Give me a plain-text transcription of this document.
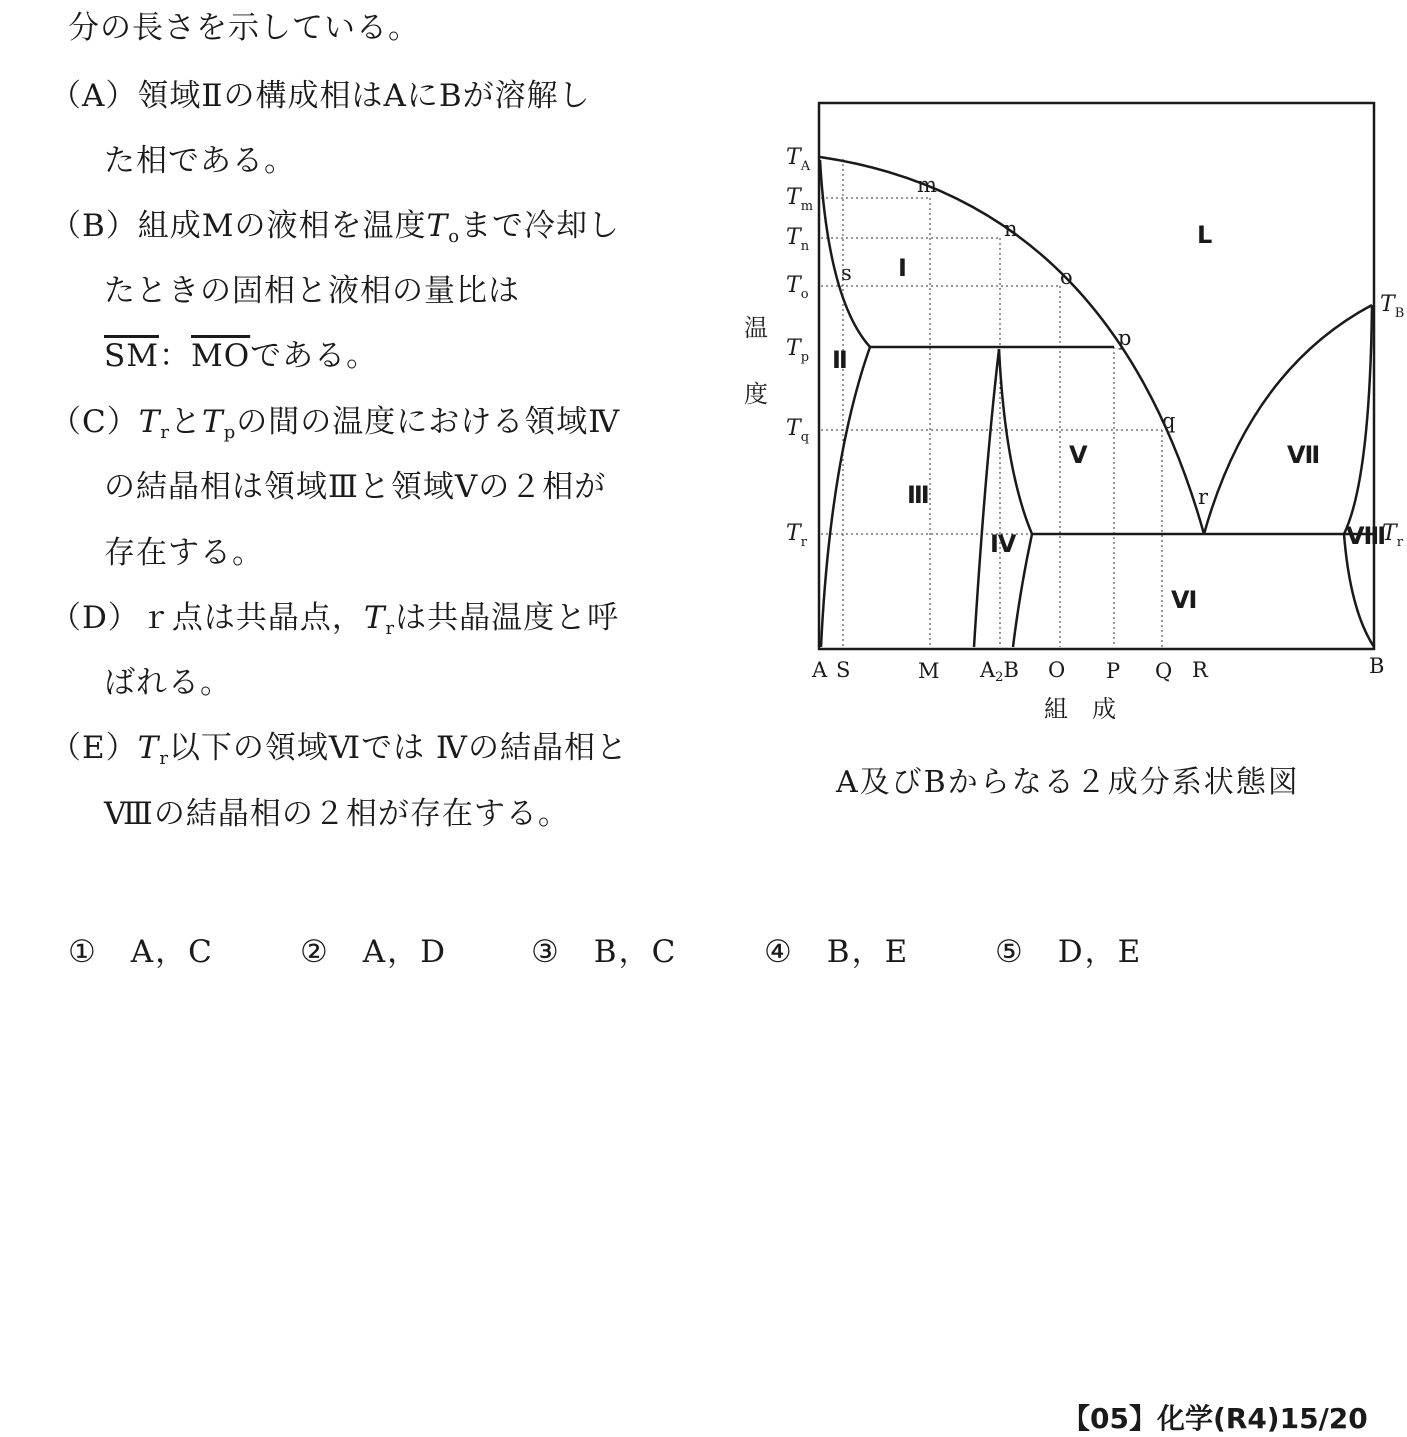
分の長さを示している。
（A）領域Ⅱの構成相はAにBが溶解し
た相である。
（B）組成Mの液相を温度$T_o$まで冷却し
たときの固相と液相の量比は
$\overline{SM}$：$\overline{MO}$である。
$(C)T_r$と$T_p$の間の温度における領域Ⅳ
の結晶相は領域Ⅲと領域Ⅴの２相が
存在する。
（D）ｒ点は共晶点，$T_r$は共晶温度と呼
ばれる。
$(E)T_r$以下の領域Ⅵでは Ⅳの結晶相と
Ⅷの結晶相の２相が存在する。
$T_A$
$T_m$
$T_n$
$T_o$
$T_p$
$T_q$
$T_r$
$T_B$
$T_r$
温
度
m
n
o
p
q
r
s Ⅰ
Ⅱ
Ⅲ
Ⅳ
Ⅴ
Ⅵ
Ⅶ
Ⅷ
L
A S	M A2B O P Q R	B
組　成
A及びBからなる２成分系状態図
①　 A，C	②　 A，D	③　 B，C	④　 B，E	⑤　 D，E
【05】化学(R4)15/20
